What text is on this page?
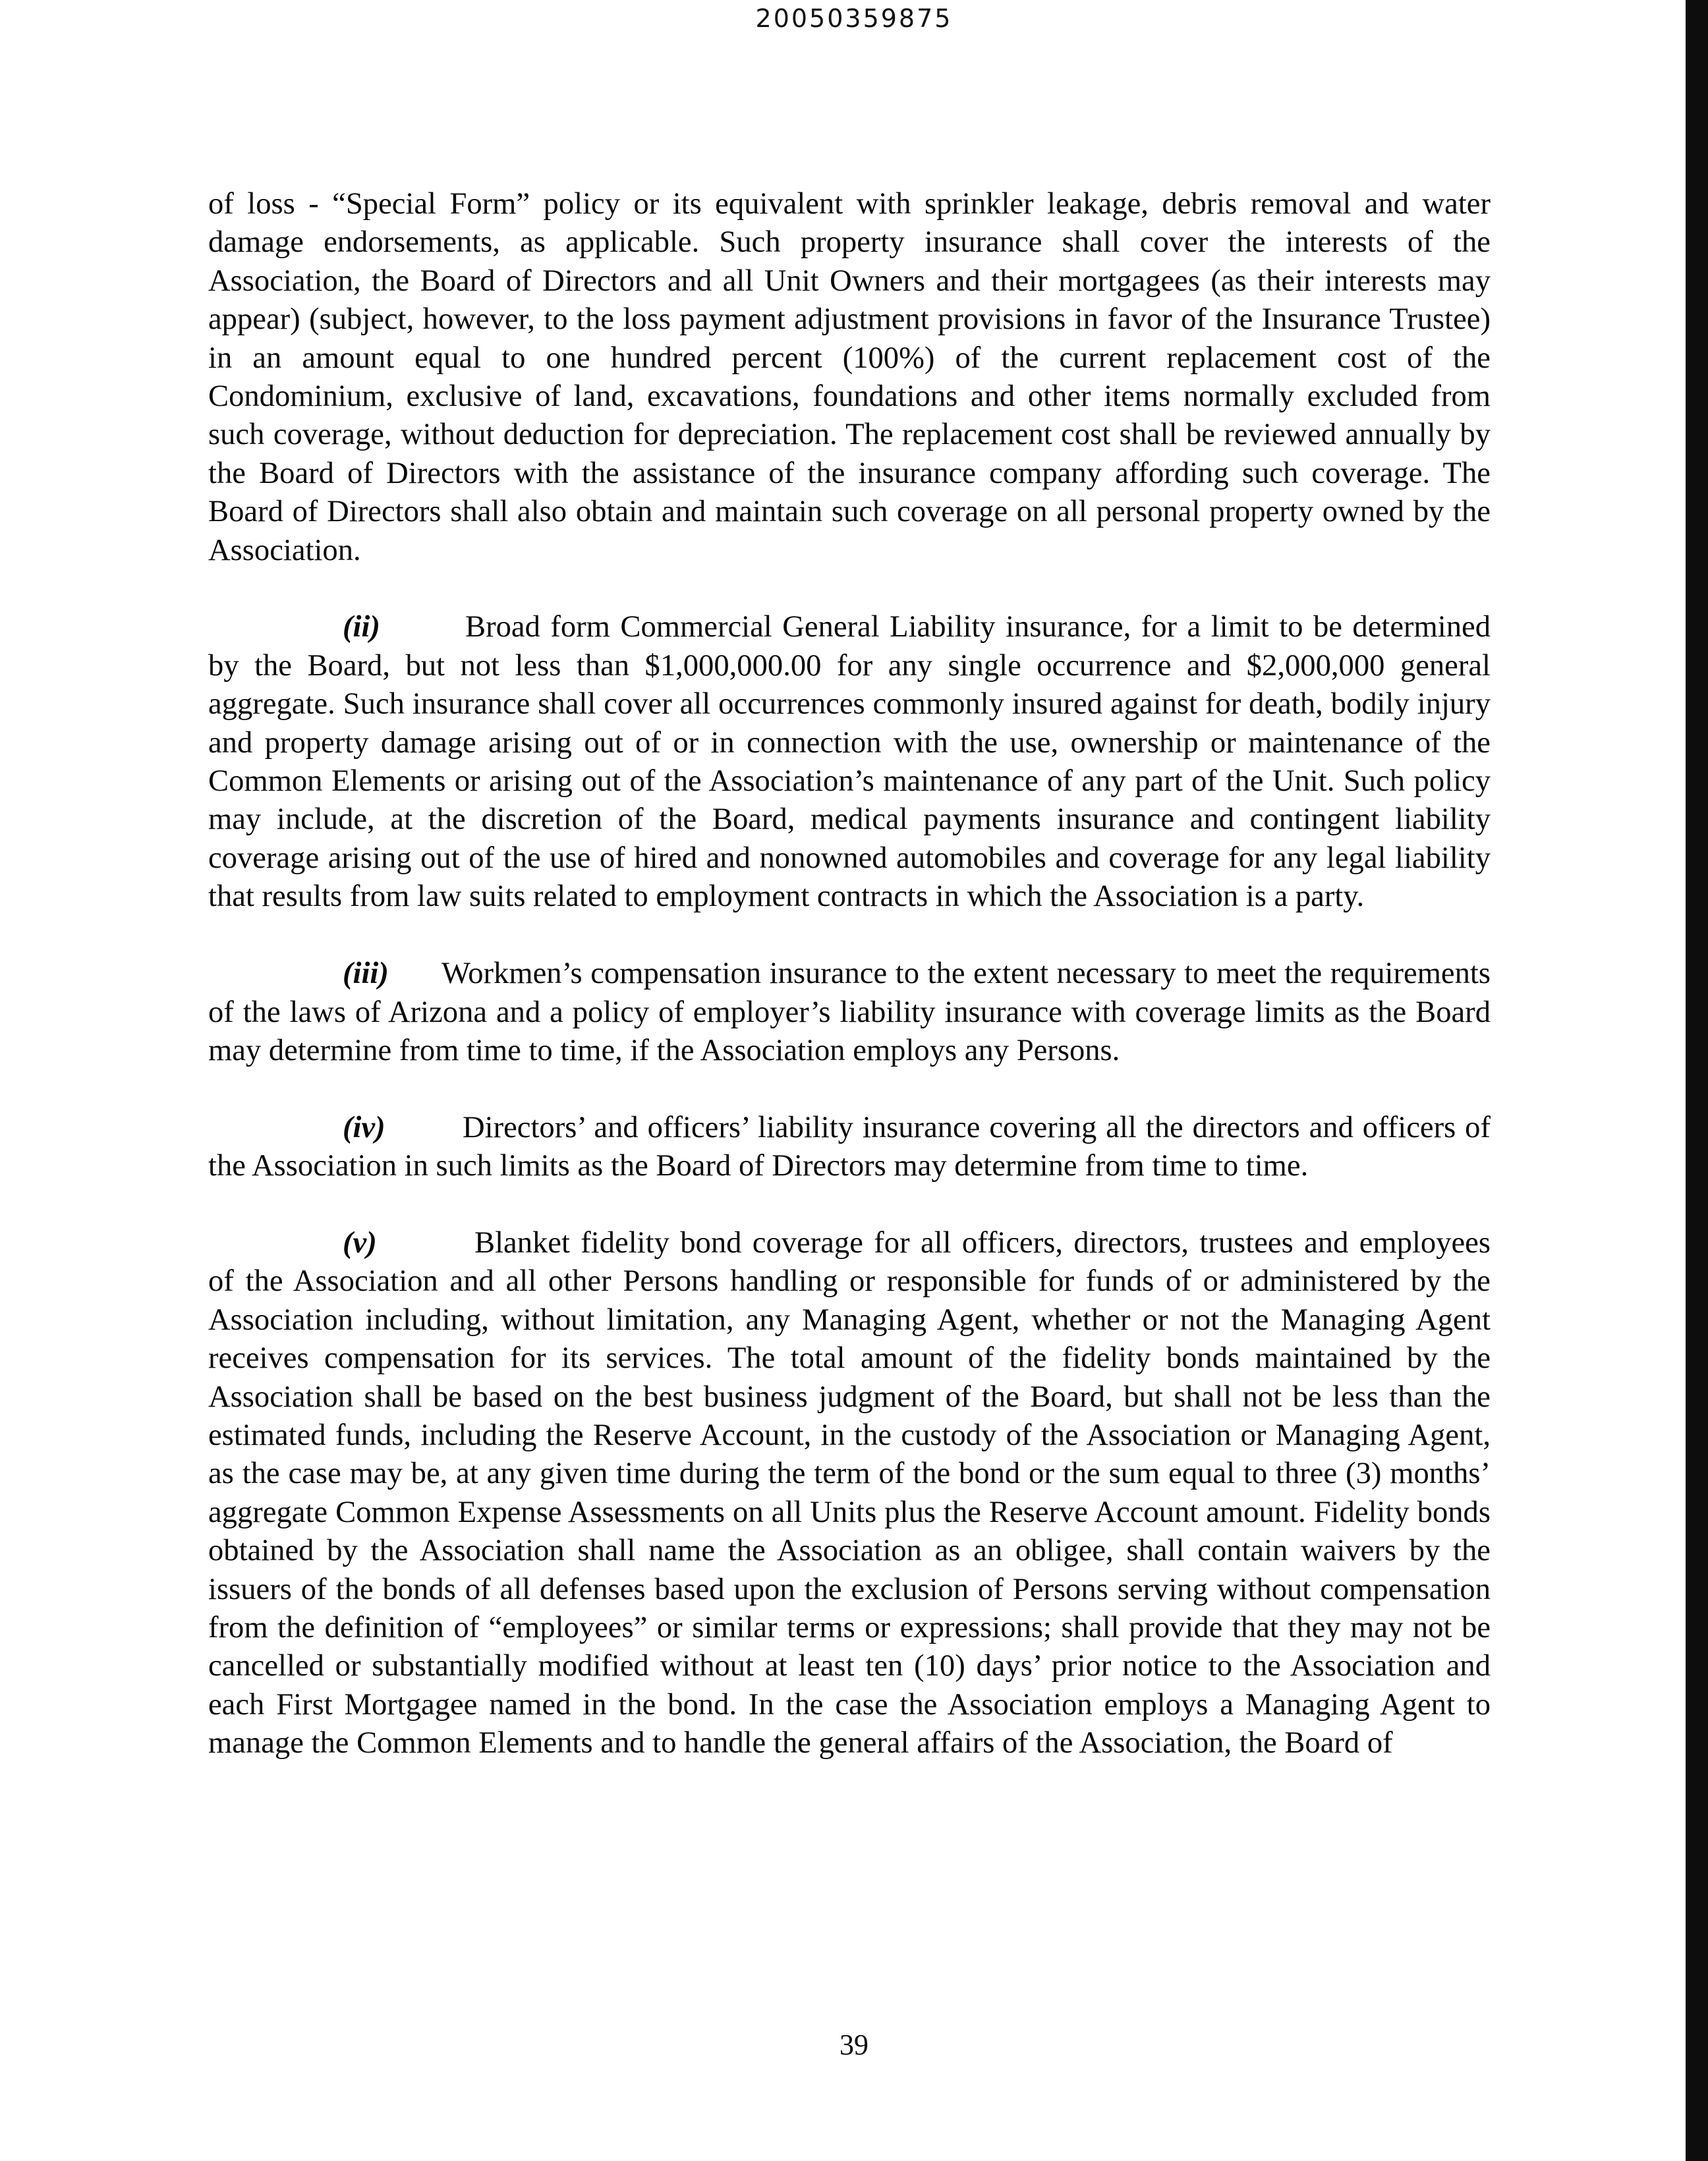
20050359875

of loss - “Special Form” policy or its equivalent with sprinkler leakage, debris removal and water damage endorsements, as applicable. Such property insurance shall cover the interests of the Association, the Board of Directors and all Unit Owners and their mortgagees (as their interests may appear) (subject, however, to the loss payment adjustment provisions in favor of the Insurance Trustee) in an amount equal to one hundred percent (100%) of the current replacement cost of the Condominium, exclusive of land, excavations, foundations and other items normally excluded from such coverage, without deduction for depreciation. The replacement cost shall be reviewed annually by the Board of Directors with the assistance of the insurance company affording such coverage. The Board of Directors shall also obtain and maintain such coverage on all personal property owned by the Association.

(ii)	Broad form Commercial General Liability insurance, for a limit to be determined by the Board, but not less than $1,000,000.00 for any single occurrence and $2,000,000 general aggregate. Such insurance shall cover all occurrences commonly insured against for death, bodily injury and property damage arising out of or in connection with the use, ownership or maintenance of the Common Elements or arising out of the Association’s maintenance of any part of the Unit. Such policy may include, at the discretion of the Board, medical payments insurance and contingent liability coverage arising out of the use of hired and nonowned automobiles and coverage for any legal liability that results from law suits related to employment contracts in which the Association is a party.

(iii) Workmen’s compensation insurance to the extent necessary to meet the requirements of the laws of Arizona and a policy of employer’s liability insurance with coverage limits as the Board may determine from time to time, if the Association employs any Persons.

(iv)	Directors’ and officers’ liability insurance covering all the directors and officers of the Association in such limits as the Board of Directors may determine from time to time.

(v)	Blanket fidelity bond coverage for all officers, directors, trustees and employees of the Association and all other Persons handling or responsible for funds of or administered by the Association including, without limitation, any Managing Agent, whether or not the Managing Agent receives compensation for its services. The total amount of the fidelity bonds maintained by the Association shall be based on the best business judgment of the Board, but shall not be less than the estimated funds, including the Reserve Account, in the custody of the Association or Managing Agent, as the case may be, at any given time during the term of the bond or the sum equal to three (3) months’ aggregate Common Expense Assessments on all Units plus the Reserve Account amount. Fidelity bonds obtained by the Association shall name the Association as an obligee, shall contain waivers by the issuers of the bonds of all defenses based upon the exclusion of Persons serving without compensation from the definition of “employees” or similar terms or expressions; shall provide that they may not be cancelled or substantially modified without at least ten (10) days’ prior notice to the Association and each First Mortgagee named in the bond. In the case the Association employs a Managing Agent to manage the Common Elements and to handle the general affairs of the Association, the Board of

39
